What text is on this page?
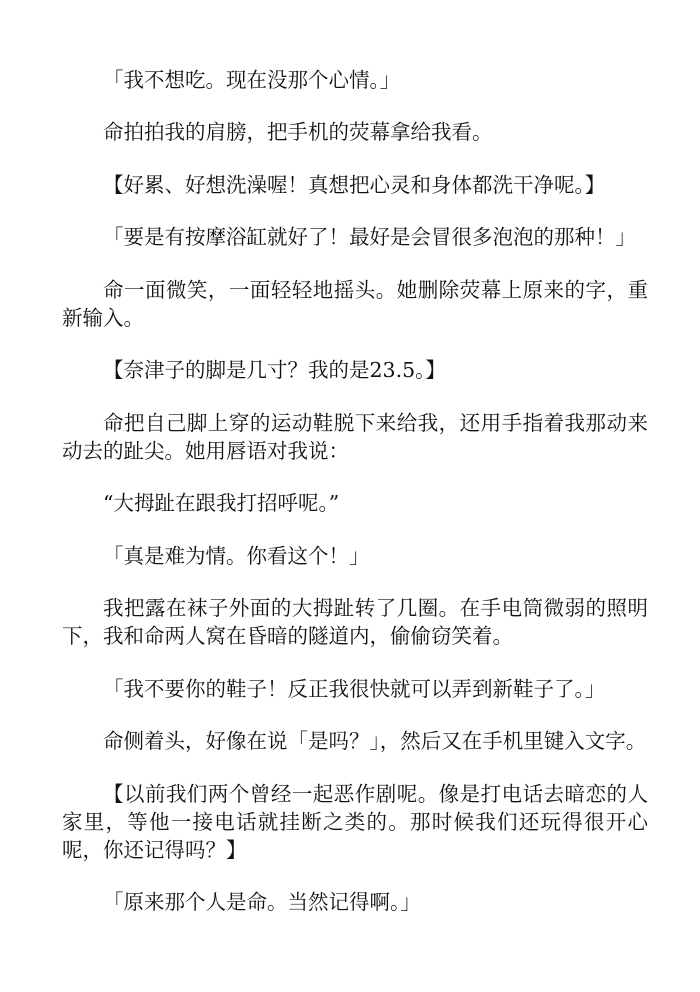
「我不想吃。现在没那个心情。」

命拍拍我的肩膀，把手机的荧幕拿给我看。

【好累、好想洗澡喔！真想把心灵和身体都洗干净呢。】

「要是有按摩浴缸就好了！最好是会冒很多泡泡的那种！」

命一面微笑，一面轻轻地摇头。她删除荧幕上原来的字，重新输入。

【奈津子的脚是几寸？我的是23.5。】

命把自己脚上穿的运动鞋脱下来给我，还用手指着我那动来动去的趾尖。她用唇语对我说：

“大拇趾在跟我打招呼呢。”

「真是难为情。你看这个！」

我把露在袜子外面的大拇趾转了几圈。在手电筒微弱的照明下，我和命两人窝在昏暗的隧道内，偷偷窃笑着。

「我不要你的鞋子！反正我很快就可以弄到新鞋子了。」

命侧着头，好像在说「是吗？」，然后又在手机里键入文字。

【以前我们两个曾经一起恶作剧呢。像是打电话去暗恋的人家里，等他一接电话就挂断之类的。那时候我们还玩得很开心呢，你还记得吗？】

「原来那个人是命。当然记得啊。」
